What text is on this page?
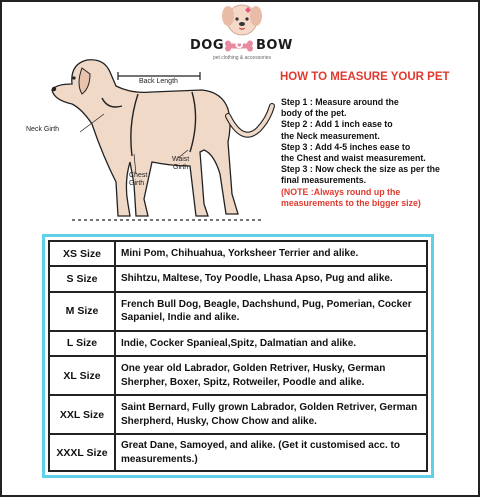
DOG O BOW
pet clothing & accessories
Back Length
Neck Girth
Chest
Girth
Waist
Girth
HOW TO MEASURE YOUR PET
Step 1 : Measure around the
body of the pet.
Step 2 : Add 1 inch ease to
the Neck measurement.
Step 3 : Add 4-5 inches ease to
the Chest and waist measurement.
Step 3 : Now check the size as per the
final measurements.
(NOTE :Always round up the
measurements to the bigger size)
XS Size	Mini Pom, Chihuahua, Yorksheer Terrier and alike.
S Size	Shihtzu, Maltese, Toy Poodle, Lhasa Apso, Pug and alike.
M Size	French Bull Dog, Beagle, Dachshund, Pug, Pomerian, Cocker Sapaniel, Indie and alike.
L Size	Indie, Cocker Spanieal,Spitz, Dalmatian and alike.
XL Size	One year old Labrador, Golden Retriver, Husky, German Sherpher, Boxer, Spitz, Rotweiler, Poodle and alike.
XXL Size	Saint Bernard, Fully grown Labrador, Golden Retriver, German Sherpherd, Husky, Chow Chow and alike.
XXXL Size	Great Dane, Samoyed, and alike. (Get it customised acc. to measurements.)
